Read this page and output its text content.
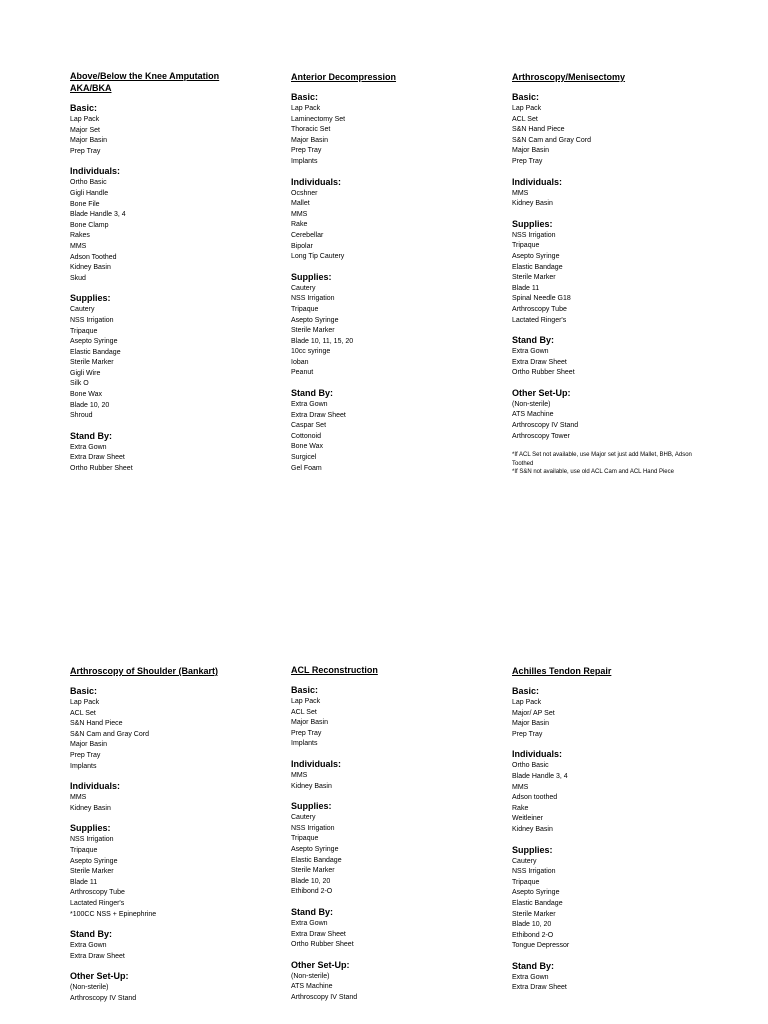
Above/Below the Knee Amputation
AKA/BKA
Basic:
Lap Pack
Major Set
Major Basin
Prep Tray
Individuals:
Ortho Basic
Gigli Handle
Bone File
Blade Handle 3, 4
Bone Clamp
Rakes
MMS
Adson Toothed
Kidney Basin
Skud
Supplies:
Cautery
NSS Irrigation
Tripaque
Asepto Syringe
Elastic Bandage
Sterile Marker
Gigli Wire
Silk O
Bone Wax
Blade 10, 20
Shroud
Stand By:
Extra Gown
Extra Draw Sheet
Ortho Rubber Sheet
Anterior Decompression
Basic:
Lap Pack
Laminectomy Set
Thoracic Set
Major Basin
Prep Tray
Implants
Individuals:
Ocshner
Mallet
MMS
Rake
Cerebellar
Bipolar
Long Tip Cautery
Supplies:
Cautery
NSS Irrigation
Tripaque
Asepto Syringe
Sterile Marker
Blade 10, 11, 15, 20
10cc syringe
Ioban
Peanut
Stand By:
Extra Gown
Extra Draw Sheet
Caspar Set
Cottonoid
Bone Wax
Surgicel
Gel Foam
Arthroscopy/Menisectomy
Basic:
Lap Pack
ACL Set
S&N Hand Piece
S&N Cam and Gray Cord
Major Basin
Prep Tray
Individuals:
MMS
Kidney Basin
Supplies:
NSS Irrigation
Tripaque
Asepto Syringe
Elastic Bandage
Sterile Marker
Blade 11
Spinal Needle G18
Arthroscopy Tube
Lactated Ringer's
Stand By:
Extra Gown
Extra Draw Sheet
Ortho Rubber Sheet
Other Set-Up:
(Non-sterile)
ATS Machine
Arthroscopy IV Stand
Arthroscopy Tower
*If ACL Set not available, use Major set just add Mallet, BHB, Adson Toothed
*If S&N not available, use old ACL Cam and ACL Hand Piece
Arthroscopy of Shoulder (Bankart)
Basic:
Lap Pack
ACL Set
S&N Hand Piece
S&N Cam and Gray Cord
Major Basin
Prep Tray
Implants
Individuals:
MMS
Kidney Basin
Supplies:
NSS Irrigation
Tripaque
Asepto Syringe
Sterile Marker
Blade 11
Arthroscopy Tube
Lactated Ringer's
*100CC NSS + Epinephrine
Stand By:
Extra Gown
Extra Draw Sheet
Other Set-Up:
(Non-sterile)
Arthroscopy IV Stand
ACL Reconstruction
Basic:
Lap Pack
ACL Set
Major Basin
Prep Tray
Implants
Individuals:
MMS
Kidney Basin
Supplies:
Cautery
NSS Irrigation
Tripaque
Asepto Syringe
Elastic Bandage
Sterile Marker
Blade 10, 20
Ethibond 2-O
Stand By:
Extra Gown
Extra Draw Sheet
Ortho Rubber Sheet
Other Set-Up:
(Non-sterile)
ATS Machine
Arthroscopy IV Stand
Achilles Tendon Repair
Basic:
Lap Pack
Major/ AP Set
Major Basin
Prep Tray
Individuals:
Ortho Basic
Blade Handle 3, 4
MMS
Adson toothed
Rake
Weitleiner
Kidney Basin
Supplies:
Cautery
NSS Irrigation
Tripaque
Asepto Syringe
Elastic Bandage
Sterile Marker
Blade 10, 20
Ethibond 2-O
Tongue Depressor
Stand By:
Extra Gown
Extra Draw Sheet
